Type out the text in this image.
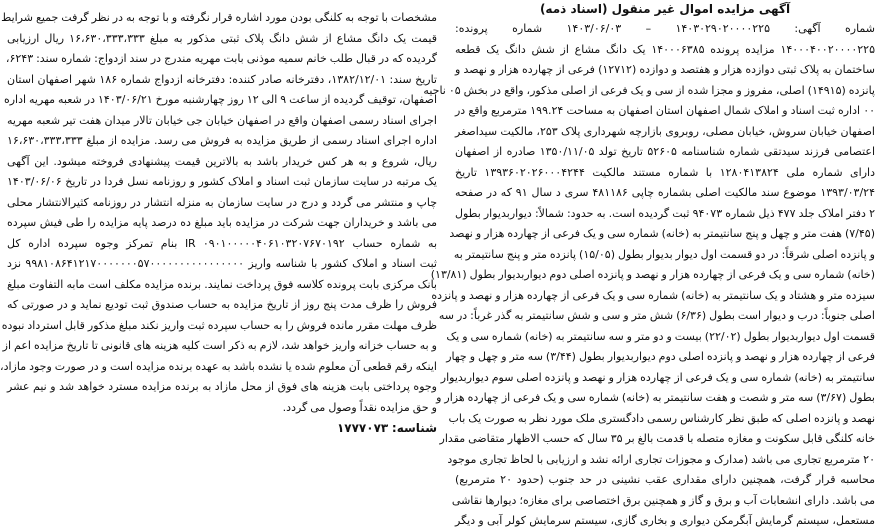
آگهی مزایده اموال غیر منقول (اسناد ذمه)
شماره آگهی: ۱۴۰۳۰۲۹۰۲۰۰۰۰۲۲۵ – ۱۴۰۳/۰۶/۰۳ شماره پرونده:
۱۴۰۰۰۴۰۰۲۰۰۰۰۲۲۵ مزایده پرونده ۱۴۰۰۰۶۳۸۵ یک دانگ مشاع از شش دانگ یک قطعه
ساختمان به پلاک ثبتی دوازده هزار و هفتصد و دوازده (۱۲۷۱۲) فرعی از چهارده هزار و نهصد و
پانزده (۱۴۹۱۵) اصلی، مفروز و مجزا شده از سی و یک فرعی از اصلی مذکور، واقع در بخش ۰۵ ناحیه
۰۰ اداره ثبت اسناد و املاک شمال اصفهان استان اصفهان به مساحت ۱۹۹.۲۴ مترمربع واقع در
اصفهان خیابان سروش، خیابان مصلی، روبروی بازارچه شهرداری پلاک ۲۵۳، مالکیت سیداصغر
اعتصامی فرزند سیدتقی شماره شناسنامه ۵۲۶۰۵ تاریخ تولد ۱۳۵۰/۱۱/۰۵ صادره از اصفهان
دارای شماره ملی ۱۲۸۰۴۱۳۸۲۴ با شماره مستند مالکیت ۱۳۹۳۶۰۲۰۲۶۰۰۰۴۲۴۴ تاریخ
۱۳۹۳/۰۳/۲۴ موضوع سند مالکیت اصلی بشماره چاپی ۴۸۱۱۸۶ سری د سال ۹۱ که در صفحه
۲ دفتر املاک جلد ۴۷۷ ذیل شماره ۹۴۰۷۳ ثبت گردیده است. به حدود: شمالاً: دیواربدیوار بطول
(۷/۴۵) هفت متر و چهل و پنج سانتیمتر به (خانه) شماره سی و یک فرعی از چهارده هزار و نهصد
و پانزده اصلی شرقاً: در دو قسمت اول دیوار بدیوار بطول (۱۵/۰۵) پانزده متر و پنج سانتیمتر به
(خانه) شماره سی و یک فرعی از چهارده هزار و نهصد و پانزده اصلی دوم دیواربدیوار بطول (۱۳/۸۱)
سیزده متر و هشتاد و یک سانتیمتر به (خانه) شماره سی و یک فرعی از چهارده هزار و نهصد و پانزده
اصلی جنوباً: درب و دیوار است بطول (۶/۳۶) شش متر و سی و شش سانتیمتر به گذر غرباً: در سه
قسمت اول دیواربدیوار بطول (۲۲/۰۲) بیست و دو متر و سه سانتیمتر به (خانه) شماره سی و یک
فرعی از چهارده هزار و نهصد و پانزده اصلی دوم دیواربدیوار بطول (۳/۴۴) سه متر و چهل و چهار
سانتیمتر به (خانه) شماره سی و یک فرعی از چهارده هزار و نهصد و پانزده اصلی سوم دیواربدیوار
بطول (۳/۶۷) سه متر و شصت و هفت سانتیمتر به (خانه) شماره سی و یک فرعی از چهارده هزار و
نهصد و پانزده اصلی که طبق نظر کارشناس رسمی دادگستری ملک مورد نظر به صورت یک باب
خانه کلنگی قابل سکونت و مغازه متصله با قدمت بالغ بر ۳۵ سال که حسب الاظهار متقاضی مقدار
۲۰ مترمربع تجاری می باشد (مدارک و مجوزات تجاری ارائه نشد و ارزیابی با لحاظ تجاری موجود
محاسبه قرار گرفت، همچنین دارای مقداری عقب نشینی در حد جنوب (حدود ۲۰ مترمربع)
می باشد. دارای انشعابات آب و برق و گاز و همچنین برق اختصاصی برای مغازه؛ دیوارها نقاشی
مستعمل، سیستم گرمایش آبگرمکن دیواری و بخاری گازی، سیستم سرمایش کولر آبی و دیگر
مشخصات با توجه به کلنگی بودن مورد اشاره قرار نگرفته و با توجه به در نظر گرفت جمیع شرایط
قیمت یک دانگ مشاع از شش دانگ پلاک ثبتی مذکور به مبلغ ۱۶،۶۳۰،۳۳۳،۳۳۳ ریال ارزیابی
گردیده که در قبال طلب خانم سمیه موذنی بابت مهریه مندرج در سند ازدواج: شماره سند: ۶۲۴۳،
تاریخ سند: ۱۳۸۲/۱۲/۰۱، دفترخانه صادر کننده: دفترخانه ازدواج شماره ۱۸۶ شهر اصفهان استان
اصفهان، توقیف گردیده از ساعت ۹ الی ۱۲ روز چهارشنبه مورخ ۱۴۰۳/۰۶/۲۱ در شعبه مهریه اداره
اجرای اسناد رسمی اصفهان واقع در اصفهان خیابان جی خیابان تالار میدان هفت تیر شعبه مهریه
اداره اجرای اسناد رسمی از طریق مزایده به فروش می رسد. مزایده از مبلغ ۱۶،۶۳۰،۳۳۳،۳۳۳
ریال، شروع و به هر کس خریدار باشد به بالاترین قیمت پیشنهادی فروخته میشود. این آگهی
یک مرتبه در سایت سازمان ثبت اسناد و املاک کشور و روزنامه نسل فردا در تاریخ ۱۴۰۳/۰۶/۰۶
چاپ و منتشر می گردد و درج در سایت سازمان به منزله انتشار در روزنامه کثیرالانتشار محلی
می باشد و خریداران جهت شرکت در مزایده باید مبلغ ده درصد پایه مزایده را طی فیش سپرده
به شماره حساب IR ۰۹۰۱۰۰۰۰۰۴۰۶۱۰۳۲۰۷۶۷۰۱۹۲ بنام تمرکز وجوه سپرده اداره کل
ثبت اسناد و املاک کشور با شناسه واریز ۹۹۸۱۰۸۶۴۱۲۱۷۰۰۰۰۰۰۰۵۷۰۰۰۰۰۰۰۰۰۰۰۰۰۰۰۰ نزد
بانک مرکزی بابت پرونده کلاسه فوق پرداخت نمایند. برنده مزایده مکلف است مابه التفاوت مبلغ
فروش را ظرف مدت پنج روز از تاریخ مزایده به حساب صندوق ثبت تودیع نماید و در صورتی که
ظرف مهلت مقرر مانده فروش را به حساب سپرده ثبت واریز نکند مبلغ مذکور قابل استرداد نبوده
و به حساب خزانه واریز خواهد شد، لازم به ذکر است کلیه هزینه های قانونی تا تاریخ مزایده اعم از
اینکه رقم قطعی آن معلوم شده یا نشده باشد به عهده برنده مزایده است و در صورت وجود مازاد،
وجوه پرداختی بابت هزینه های فوق از محل مازاد به برنده مزایده مسترد خواهد شد و نیم عشر
و حق مزایده نقداً وصول می گردد.
شناسه: ۱۷۷۷۰۷۳
